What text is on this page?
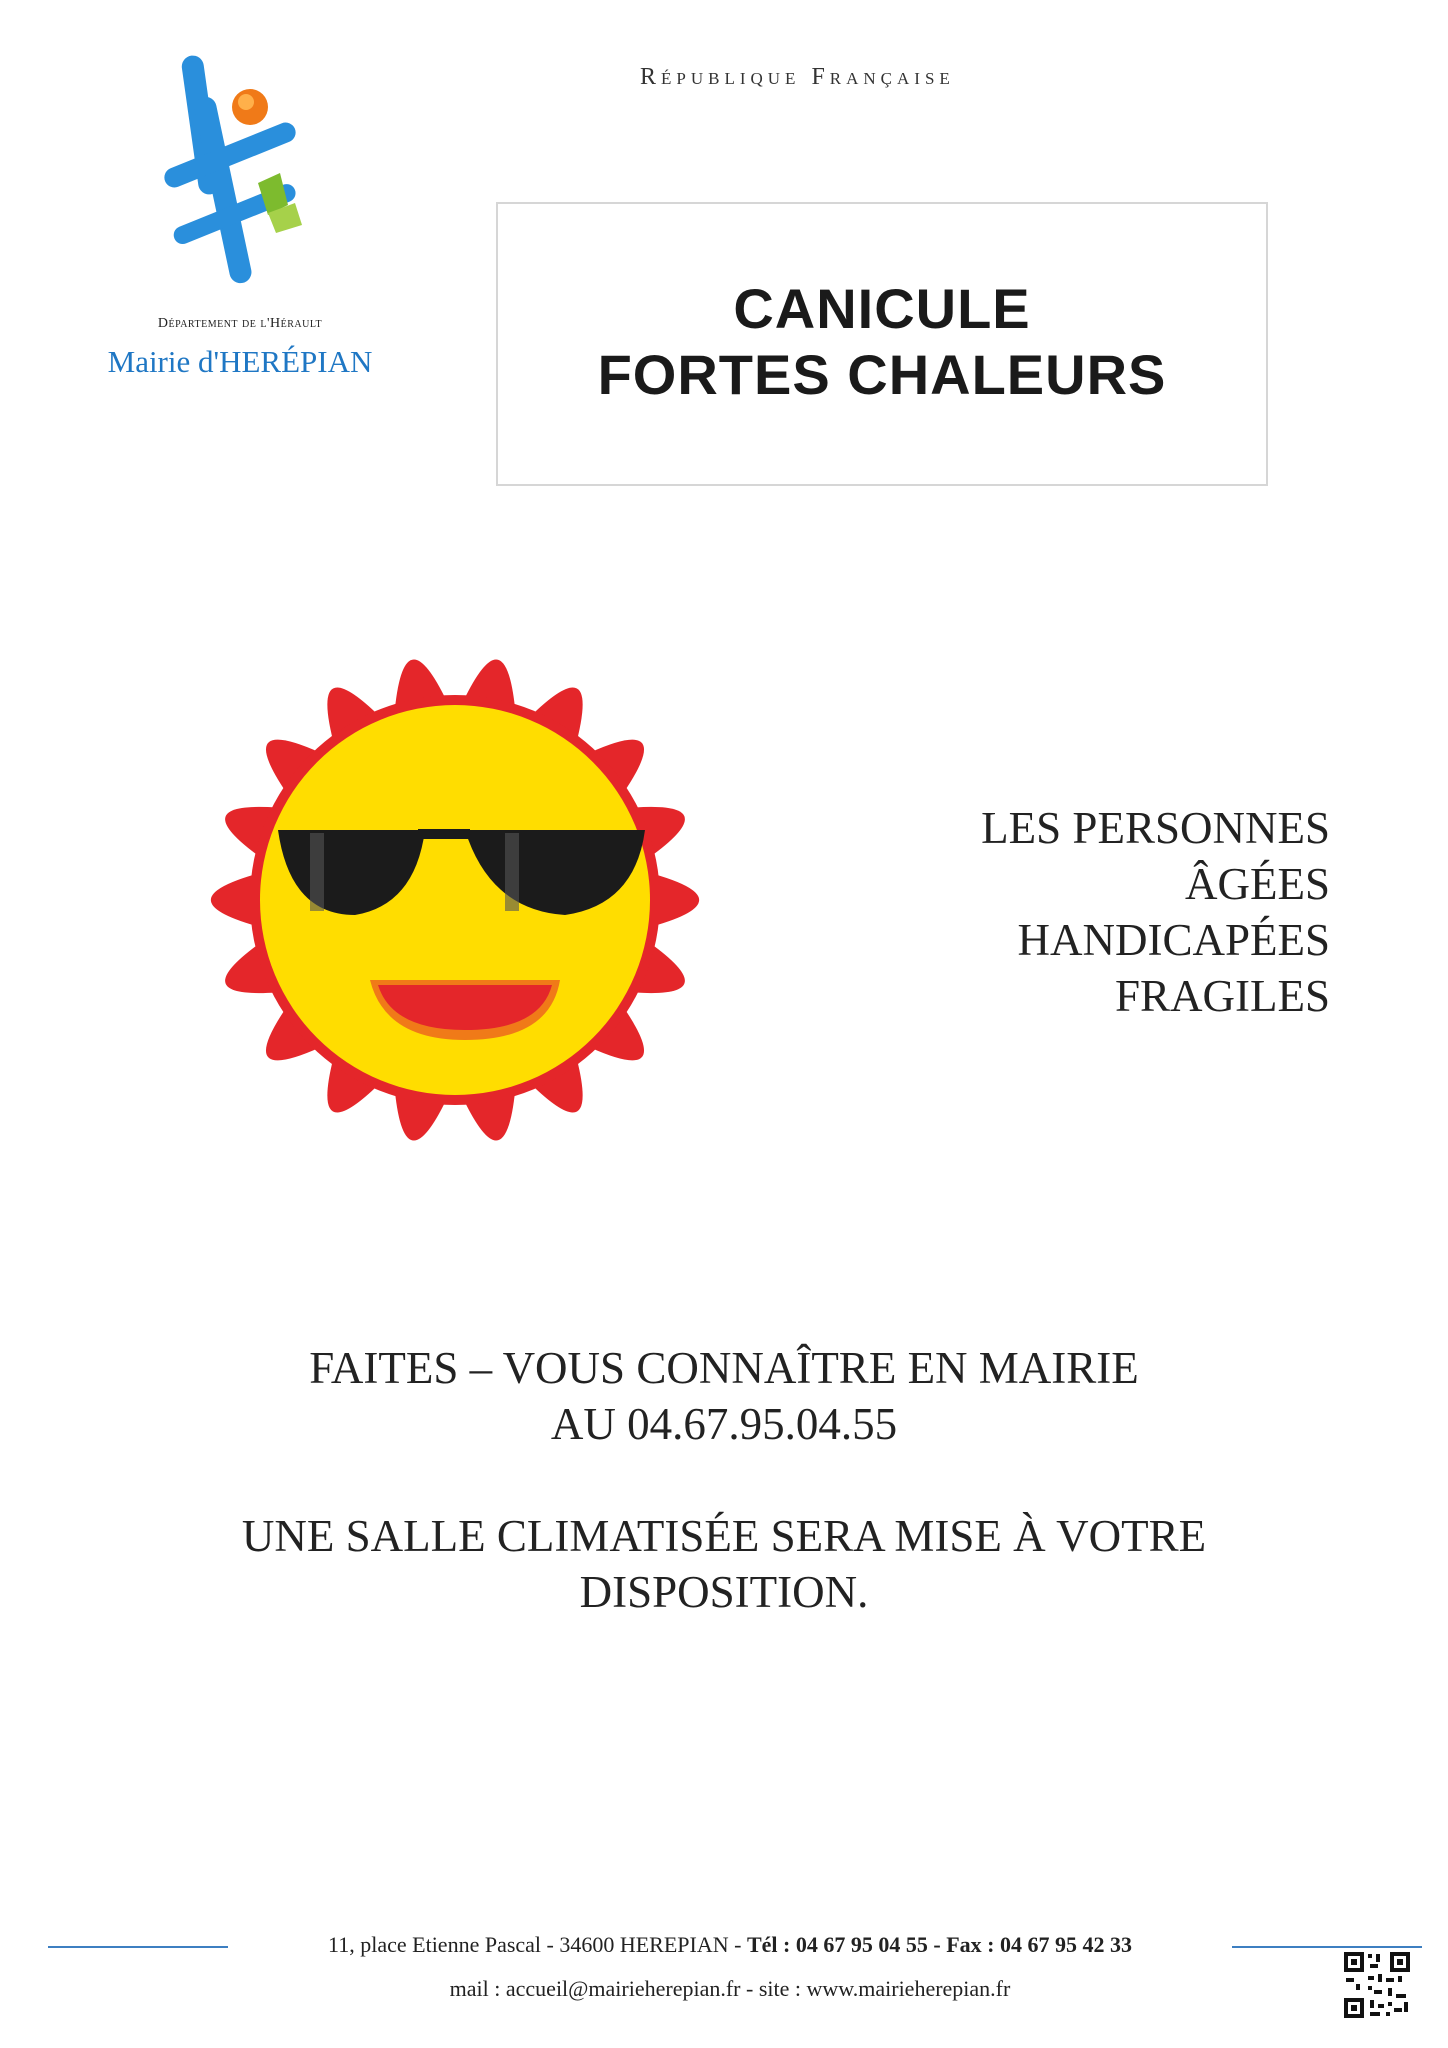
Département de l'Hérault
Mairie d'HERÉPIAN
République Française
CANICULE
FORTES CHALEURS
LES PERSONNES
ÂGÉES
HANDICAPÉES
FRAGILES
FAITES – VOUS CONNAÎTRE EN MAIRIE
AU 04.67.95.04.55
UNE SALLE CLIMATISÉE SERA MISE À VOTRE
DISPOSITION.
11, place Etienne Pascal - 34600 HEREPIAN - Tél : 04 67 95 04 55 - Fax : 04 67 95 42 33
mail : accueil@mairieherepian.fr - site : www.mairieherepian.fr
